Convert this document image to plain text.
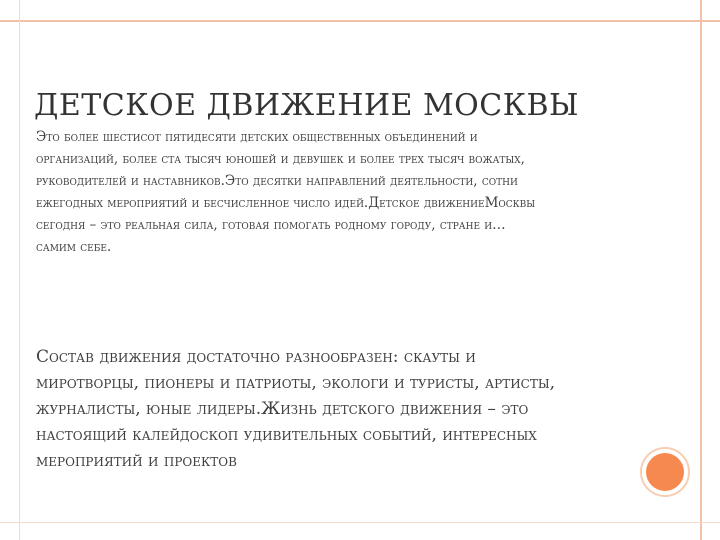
ДЕТСКОЕ ДВИЖЕНИЕ МОСКВЫ

Это более шестисот пятидесяти детских общественных объединений и организаций, более ста тысяч юношей и девушек и более трех тысяч вожатых, руководителей и наставников.Это десятки направлений деятельности, сотни ежегодных мероприятий и бесчисленное число идей.Детское движениеМосквы сегодня – это реальная сила, готовая помогать родному городу, стране и… самим себе.

Состав движения достаточно разнообразен: скауты и миротворцы, пионеры и патриоты, экологи и туристы, артисты, журналисты, юные лидеры.Жизнь детского движения – это настоящий калейдоскоп удивительных событий, интересных мероприятий и проектов
